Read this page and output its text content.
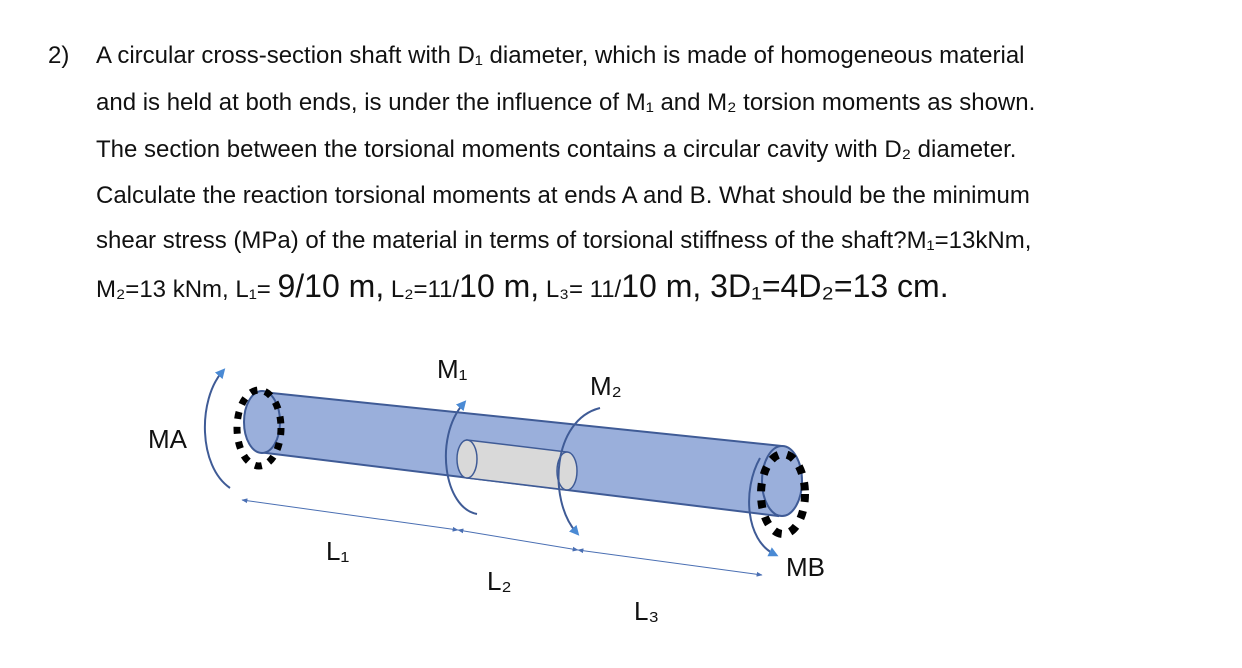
2) A circular cross-section shaft with D₁ diameter, which is made of homogeneous material
and is held at both ends, is under the influence of M₁ and M₂ torsion moments as shown.
The section between the torsional moments contains a circular cavity with D₂ diameter.
Calculate the reaction torsional moments at ends A and B. What should be the minimum
shear stress (MPa) of the material in terms of torsional stiffness of the shaft?M₁=13kNm,
M₂=13 kNm, L₁= 9/10 m, L₂=11/10 m, L₃= 11/10 m, 3D₁=4D₂=13 cm.
MA
M₁
M₂
MB
L₁
L₂
L₃
